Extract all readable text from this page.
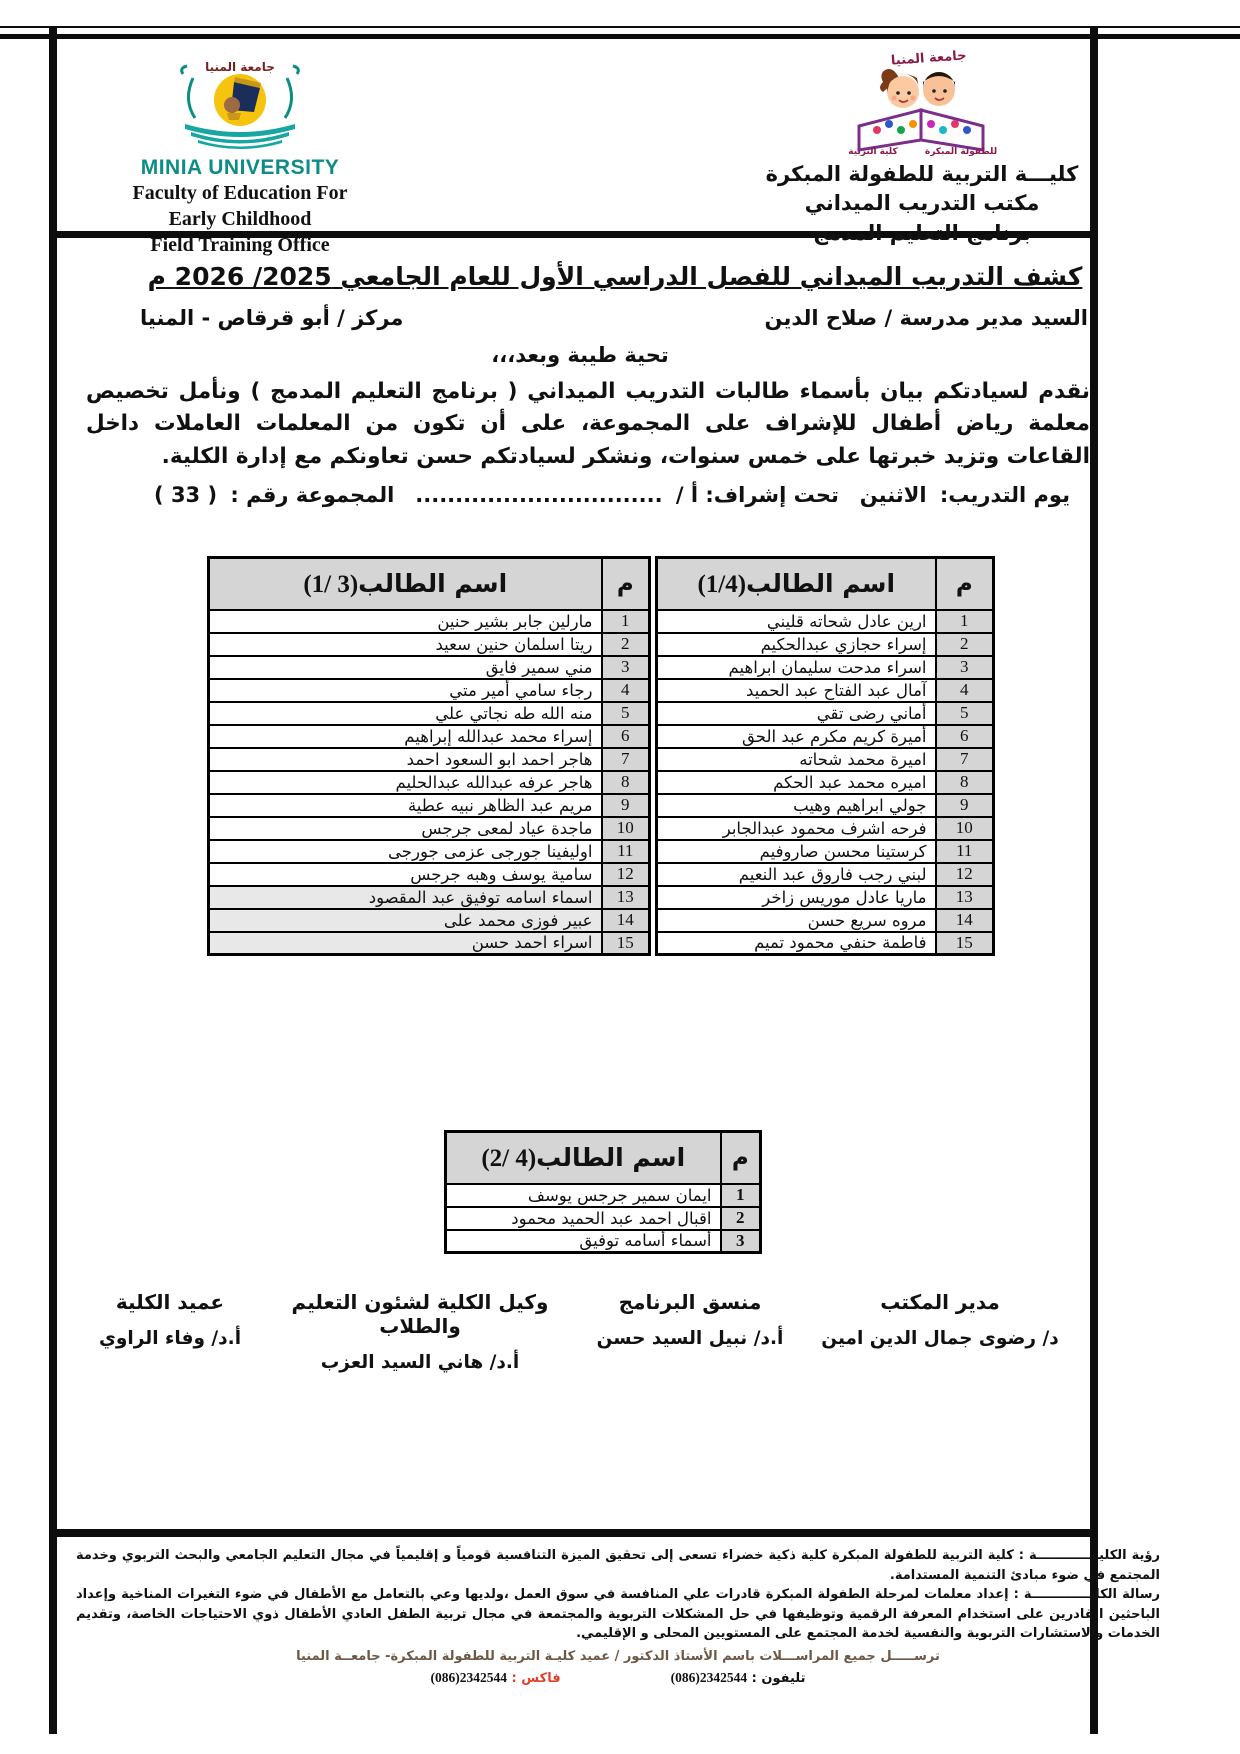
جامعة المنيا
MINIA UNIVERSITY
Faculty of Education For
Early Childhood
Field Training Office
جامعة المنيا
كلية التربية	للطفولة المبكرة
كليـــة التربية للطفولة المبكرة
مكتب التدريب الميداني
برنامج التعليم المدمج
كشف التدريب الميداني للفصل الدراسي الأول للعام الجامعي 2026 /2025 م
السيد مدير مدرسة / صلاح الدين
مركز / أبو قرقاص - المنيا
تحية طيبة وبعد،،،
نقدم لسيادتكم بيان بأسماء طالبات التدريب الميداني ( برنامج التعليم المدمج ) ونأمل تخصيص معلمة رياض أطفال للإشراف على المجموعة، على أن تكون من المعلمات العاملات داخل القاعات وتزيد خبرتها على خمس سنوات، ونشكر لسيادتكم حسن تعاونكم مع إدارة الكلية.
يوم التدريب: الاثنين
تحت إشراف: أ / ...............................
المجموعة رقم : ( 33 )
م	اسم الطالب(1/4)
1	ارين عادل شحاته قليني
2	إسراء حجازي عبدالحكيم
3	اسراء مدحت سليمان ابراهيم
4	آمال عبد الفتاح عبد الحميد
5	أماني رضى تقي
6	أميرة كريم مكرم عبد الحق
7	اميرة محمد شحاته
8	اميره محمد عبد الحكم
9	جولي ابراهيم وهيب
10	فرحه اشرف محمود عبدالجابر
11	كرستينا محسن صاروفيم
12	لبني رجب فاروق عبد النعيم
13	ماريا عادل موريس زاخر
14	مروه سريع حسن
15	فاطمة حنفي محمود تميم
م	اسم الطالب(1/ 3)
1	مارلين جابر بشير حنين
2	ريتا اسلمان حنين سعيد
3	مني سمير فايق
4	رجاء سامي أمير متي
5	منه الله طه نجاتي علي
6	إسراء محمد عبدالله إبراهيم
7	هاجر احمد ابو السعود احمد
8	هاجر عرفه عبدالله عبدالحليم
9	مريم عبد الظاهر نبيه عطية
10	ماجدة عياد لمعى جرجس
11	اوليفينا جورجى عزمى جورجى
12	سامية يوسف وهبه جرجس
13	اسماء اسامه توفيق عبد المقصود
14	عبير فوزى محمد على
15	اسراء احمد حسن
م	اسم الطالب(2/ 4)
1	ايمان سمير جرجس يوسف
2	اقبال احمد عبد الحميد محمود
3	أسماء أسامه توفيق
مدير المكتب
د/ رضوى جمال الدين امين
منسق البرنامج
أ.د/ نبيل السيد حسن
وكيل الكلية لشئون التعليم والطلاب
أ.د/ هاني السيد العزب
عميد الكلية
أ.د/ وفاء الراوي
رؤية الكليــــــــــــــة : كلية التربية للطفولة المبكرة كلية ذكية خضراء تسعى إلى تحقيق الميزة التنافسية قومياً و إقليمياً في مجال التعليم الجامعي والبحث التربوي وخدمة المجتمع في ضوء مبادئ التنمية المستدامة.
رسالة الكليـــــــــــــة : إعداد معلمات لمرحلة الطفولة المبكرة قادرات علي المنافسة في سوق العمل ،ولديها وعي بالتعامل مع الأطفال في ضوء التغيرات المناخية وإعداد الباحثين القادرين على استخدام المعرفة الرقمية وتوظيفها في حل المشكلات التربوية والمجتمعة في مجال تربية الطفل العادي الأطفال ذوي الاحتياجات الخاصة، وتقديم الخدمات والاستشارات التربوية والنفسية لخدمة المجتمع على المستويين المحلى و الإقليمي.
ترســـــل جميع المراســـلات باسم الأستاذ الدكتور / عميد كليـة التربية للطفولة المبكرة- جامعــة المنيا
تليفون : (086)2342544
فاكس : (086)2342544
